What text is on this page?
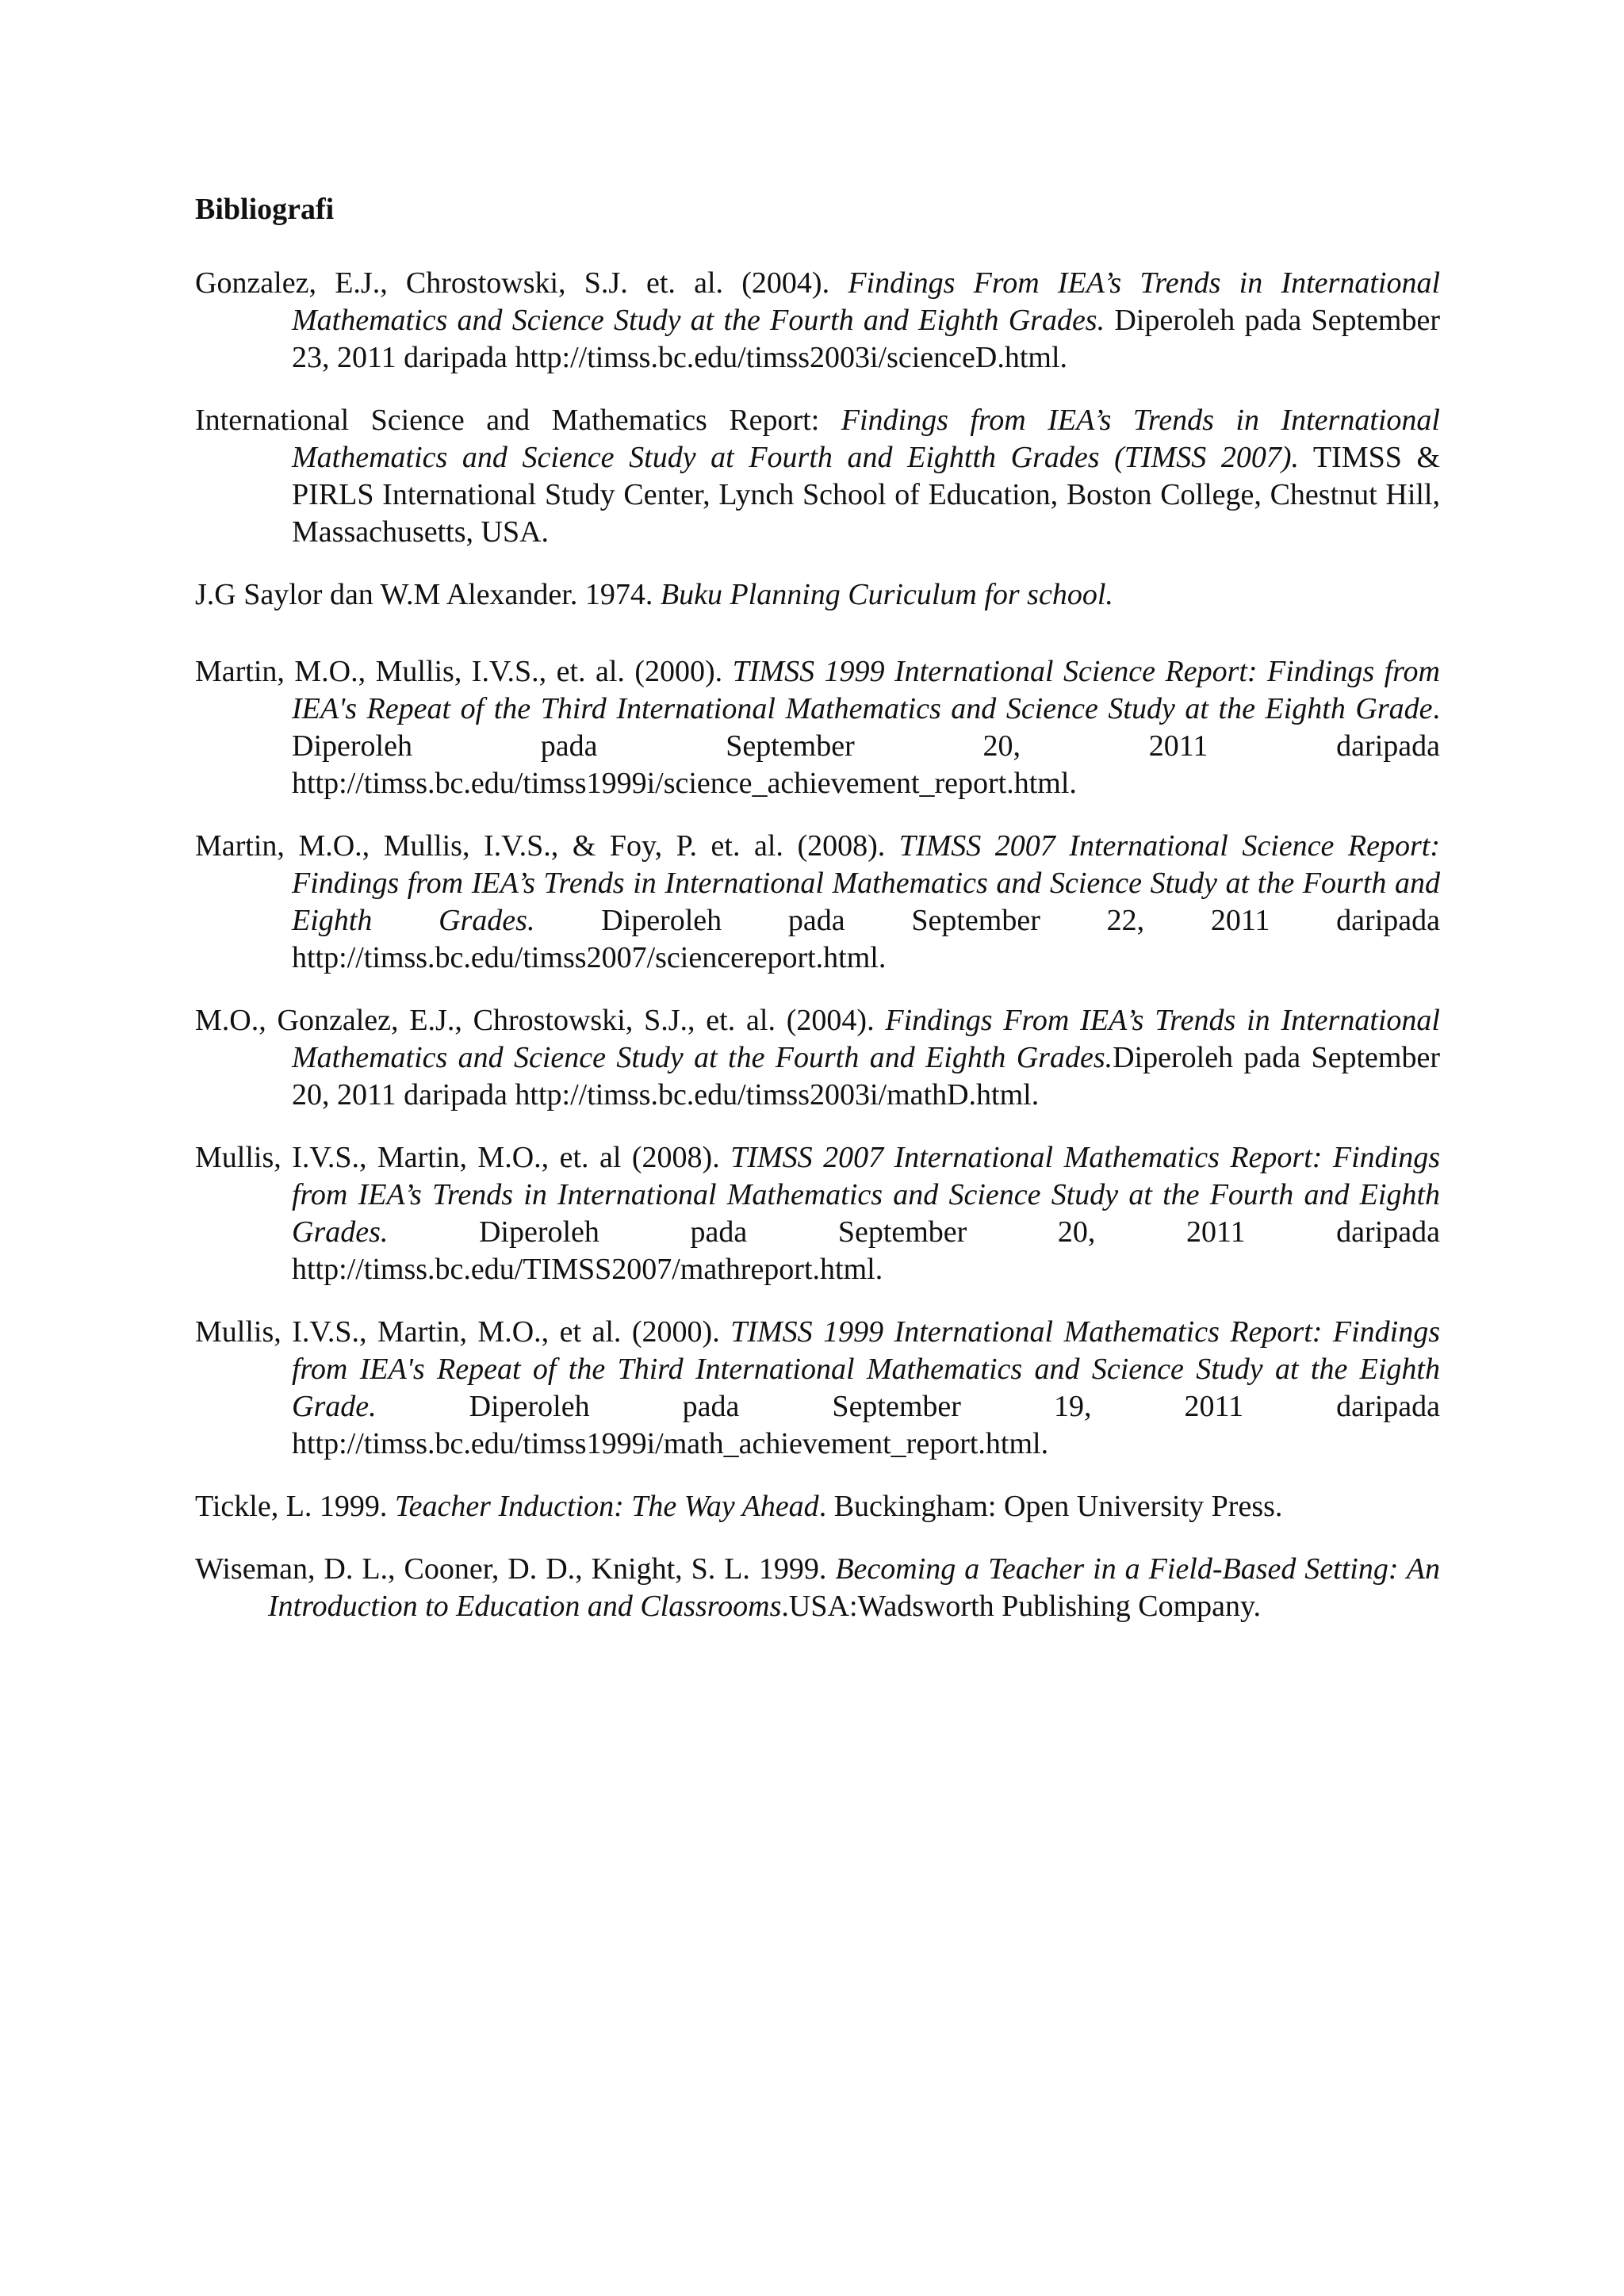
Bibliografi
Gonzalez, E.J., Chrostowski, S.J. et. al. (2004). Findings From IEA’s Trends in International Mathematics and Science Study at the Fourth and Eighth Grades. Diperoleh pada September 23, 2011 daripada http://timss.bc.edu/timss2003i/scienceD.html.
International Science and Mathematics Report: Findings from IEA’s Trends in International Mathematics and Science Study at Fourth and Eightth Grades (TIMSS 2007). TIMSS & PIRLS International Study Center, Lynch School of Education, Boston College, Chestnut Hill, Massachusetts, USA.
J.G Saylor dan W.M Alexander. 1974. Buku Planning Curiculum for school.
Martin, M.O., Mullis, I.V.S., et. al. (2000). TIMSS 1999 International Science Report: Findings from IEA's Repeat of the Third International Mathematics and Science Study at the Eighth Grade. Diperoleh pada September 20, 2011 daripada http://timss.bc.edu/timss1999i/science_achievement_report.html.
Martin, M.O., Mullis, I.V.S., & Foy, P. et. al. (2008). TIMSS 2007 International Science Report: Findings from IEA’s Trends in International Mathematics and Science Study at the Fourth and Eighth Grades. Diperoleh pada September 22, 2011 daripada http://timss.bc.edu/timss2007/sciencereport.html.
M.O., Gonzalez, E.J., Chrostowski, S.J., et. al. (2004). Findings From IEA’s Trends in International Mathematics and Science Study at the Fourth and Eighth Grades.Diperoleh pada September 20, 2011 daripada http://timss.bc.edu/timss2003i/mathD.html.
Mullis, I.V.S., Martin, M.O., et. al (2008). TIMSS 2007 International Mathematics Report: Findings from IEA’s Trends in International Mathematics and Science Study at the Fourth and Eighth Grades. Diperoleh pada September 20, 2011 daripada http://timss.bc.edu/TIMSS2007/mathreport.html.
Mullis, I.V.S., Martin, M.O., et al. (2000). TIMSS 1999 International Mathematics Report: Findings from IEA's Repeat of the Third International Mathematics and Science Study at the Eighth Grade. Diperoleh pada September 19, 2011 daripada http://timss.bc.edu/timss1999i/math_achievement_report.html.
Tickle, L. 1999. Teacher Induction: The Way Ahead. Buckingham: Open University Press.
Wiseman, D. L., Cooner, D. D., Knight, S. L. 1999. Becoming a Teacher in a Field-Based Setting: An Introduction to Education and Classrooms.USA:Wadsworth Publishing Company.
